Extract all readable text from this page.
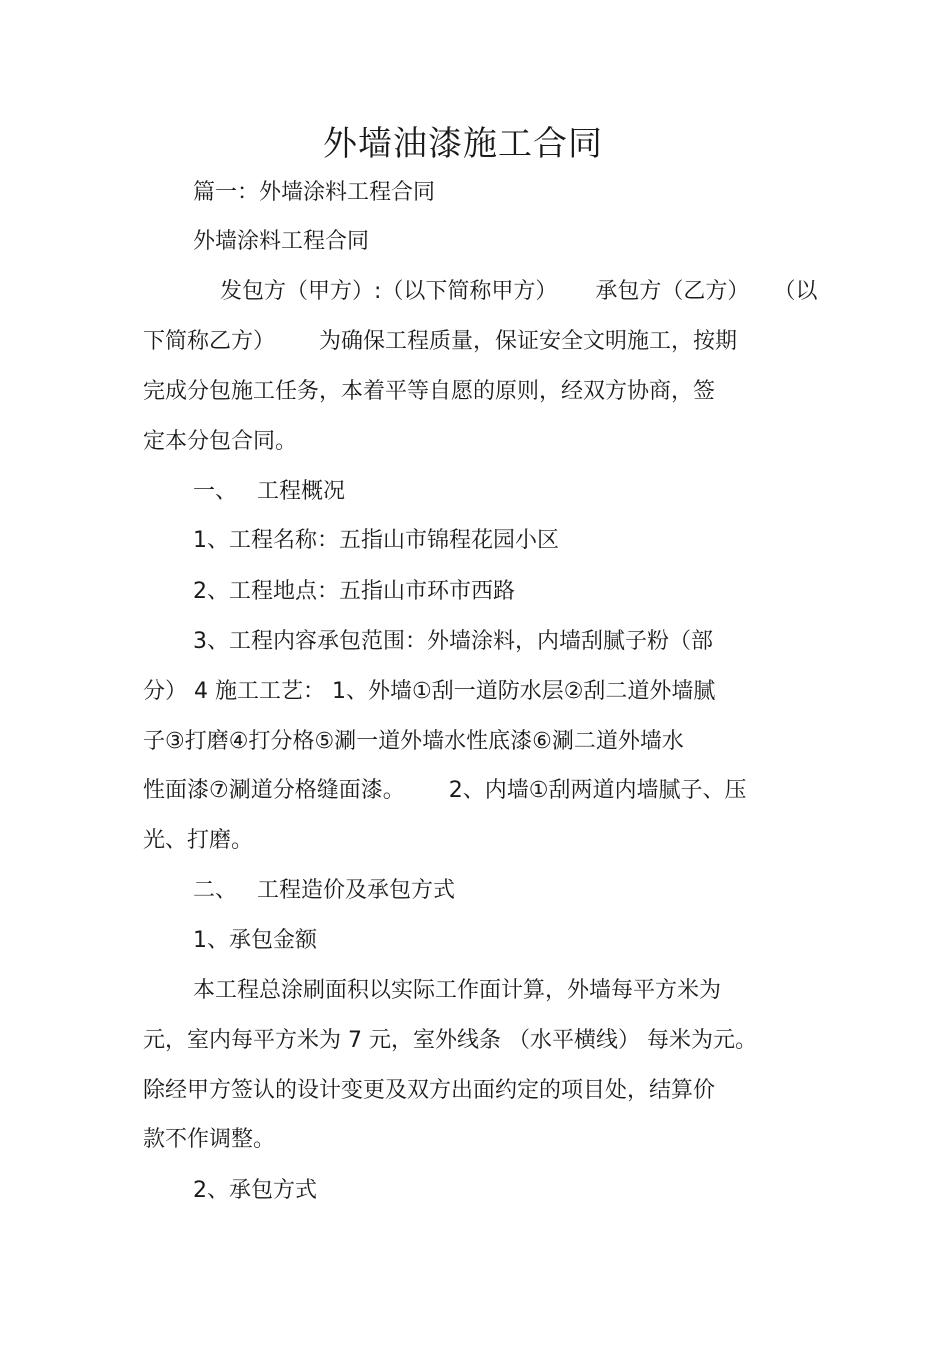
外墙油漆施工合同
篇一：外墙涂料工程合同
外墙涂料工程合同
发包方（甲方）:（以下简称甲方） 承包方（乙方） （以
下简称乙方） 为确保工程质量，保证安全文明施工，按期
完成分包施工任务，本着平等自愿的原则，经双方协商，签
定本分包合同。
一、 工程概况
1、工程名称：五指山市锦程花园小区
2、工程地点：五指山市环市西路
3、工程内容承包范围：外墙涂料，内墙刮腻子粉（部
分） 4 施工工艺： 1、外墙①刮一道防水层②刮二道外墙腻
子③打磨④打分格⑤涮一道外墙水性底漆⑥涮二道外墙水
性面漆⑦涮道分格缝面漆。 2、内墙①刮两道内墙腻子、压
光、打磨。
二、 工程造价及承包方式
1、承包金额
本工程总涂刷面积以实际工作面计算，外墙每平方米为
元，室内每平方米为 7 元，室外线条 （水平横线） 每米为元。
除经甲方签认的设计变更及双方出面约定的项目处，结算价
款不作调整。
2、承包方式
